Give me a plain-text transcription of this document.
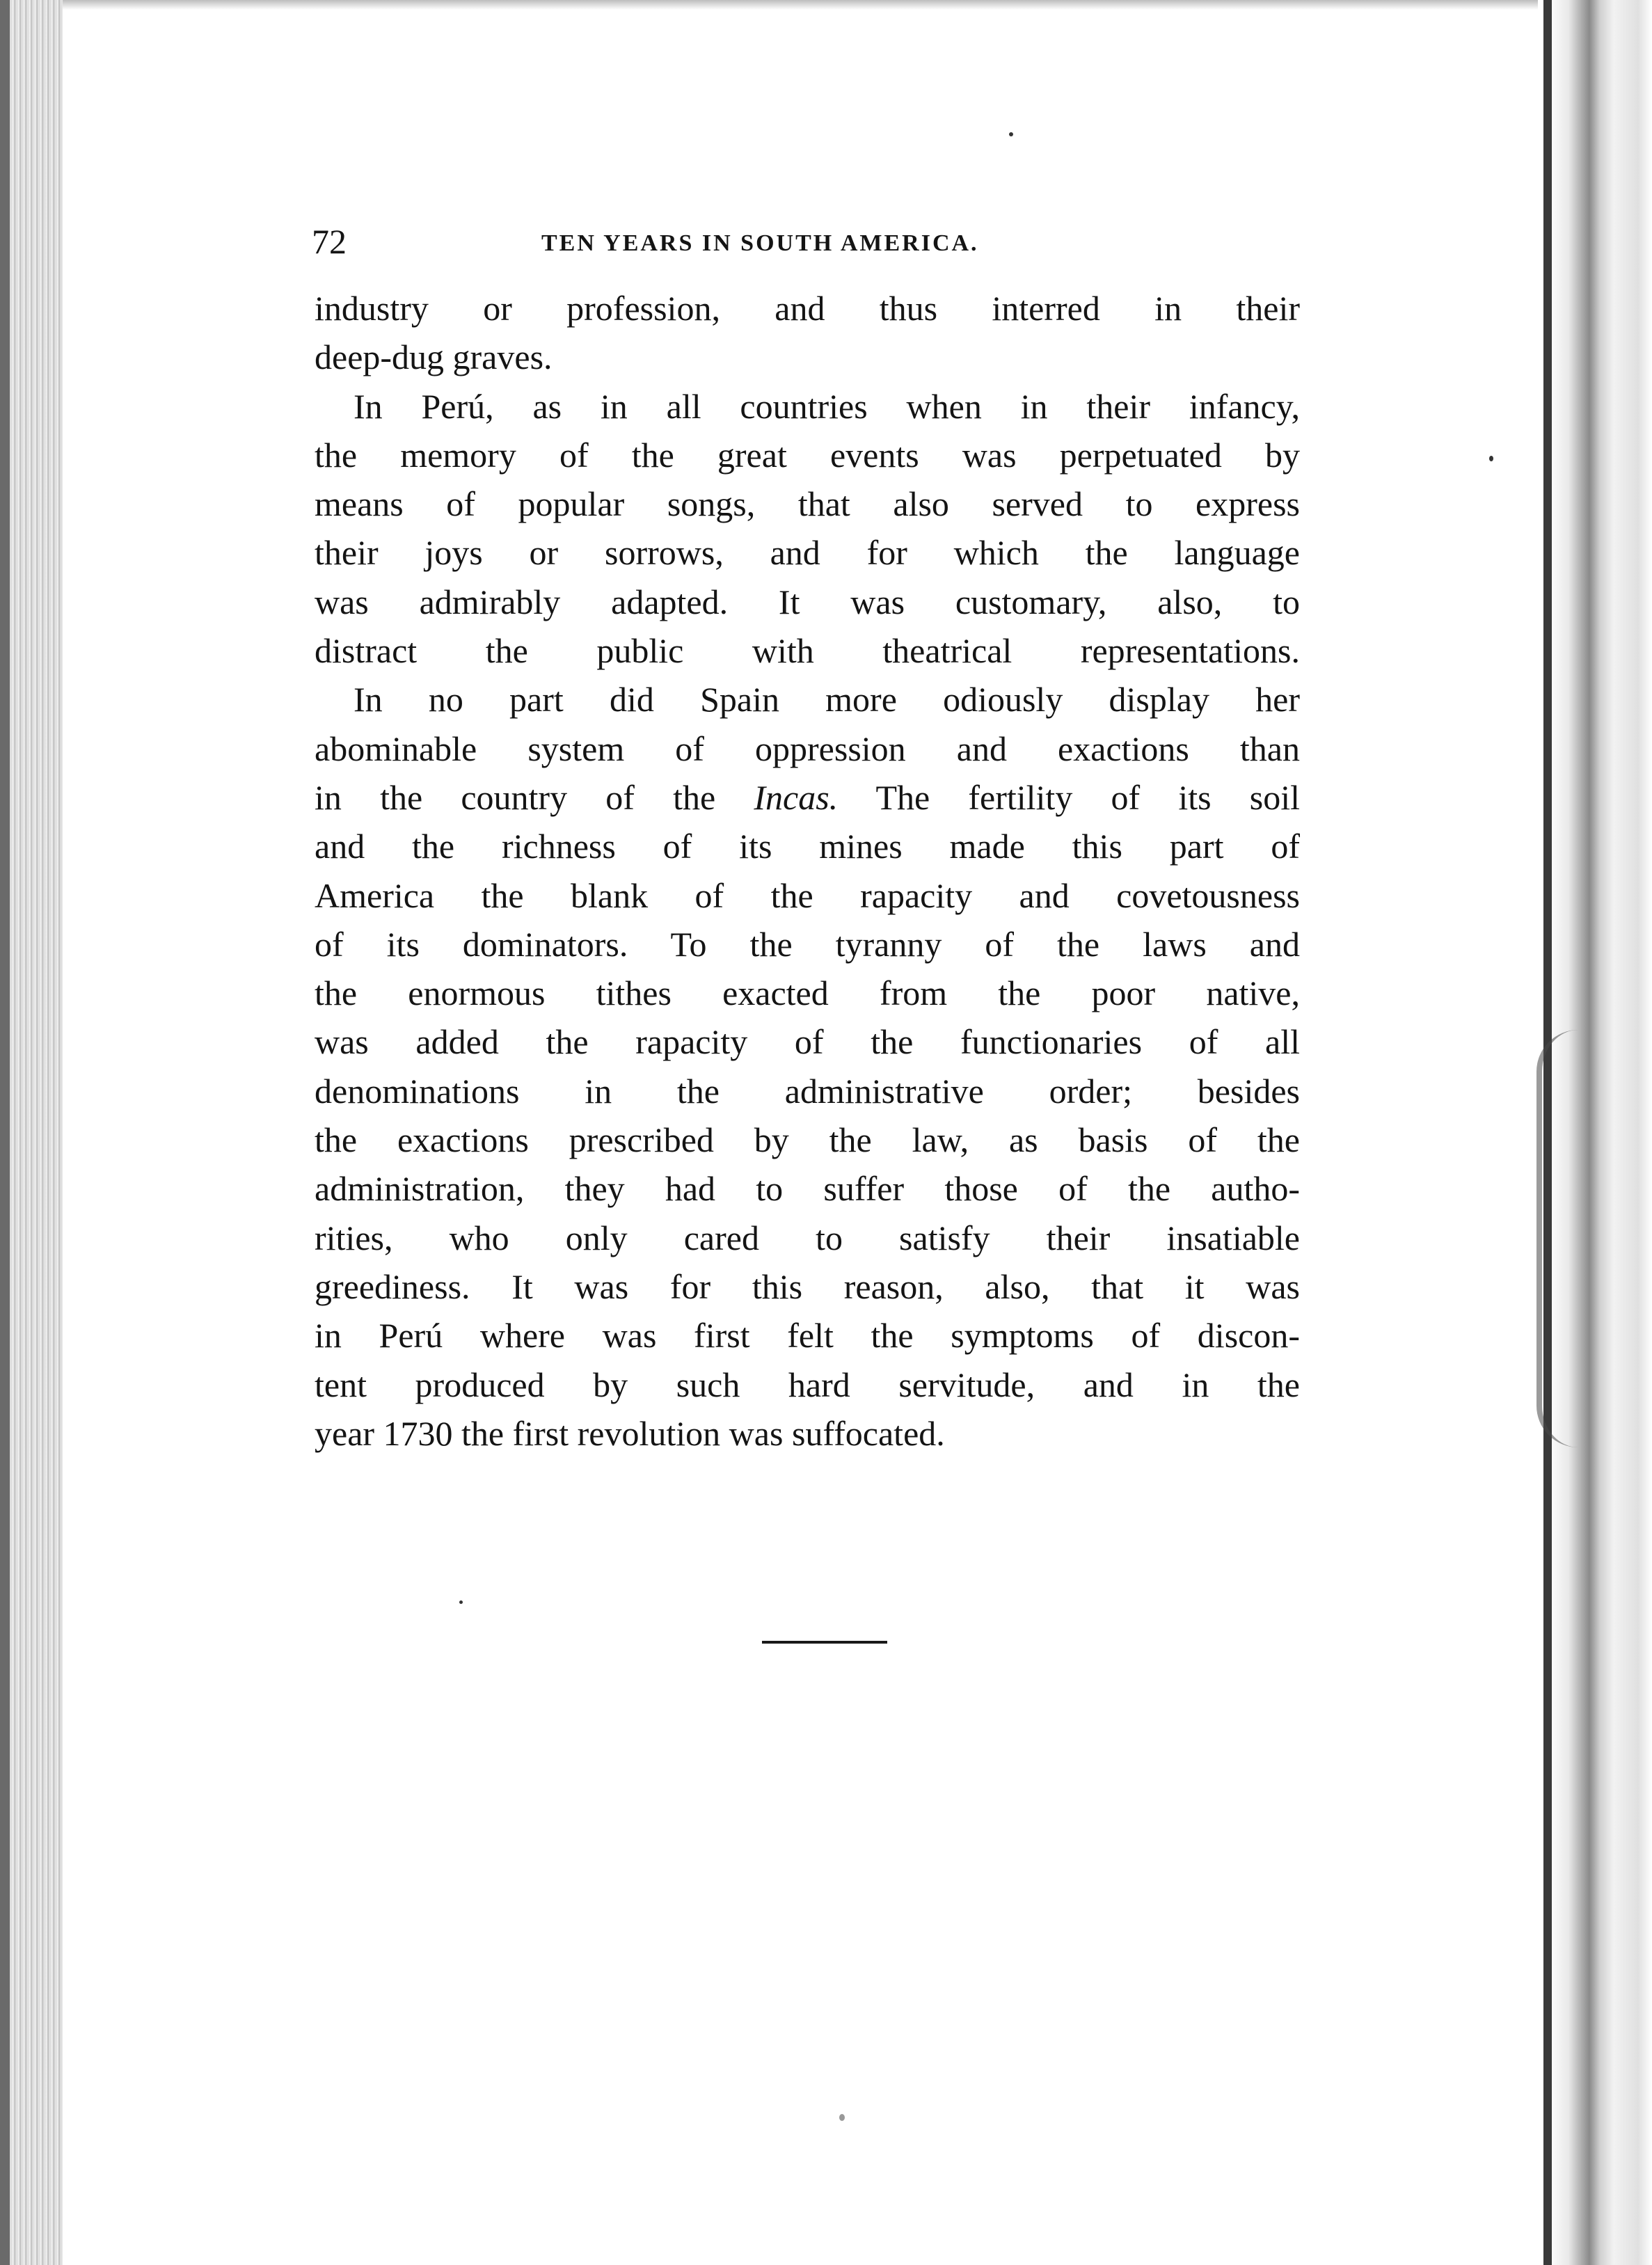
72	TEN YEARS IN SOUTH AMERICA.
industry or profession, and thus interred in their
deep-dug graves.
In Perú, as in all countries when in their infancy,
the memory of the great events was perpetuated by
means of popular songs, that also served to express
their joys or sorrows, and for which the language
was admirably adapted. It was customary, also, to
distract the public with theatrical representations.
In no part did Spain more odiously display her
abominable system of oppression and exactions than
in the country of the Incas. The fertility of its soil
and the richness of its mines made this part of
America the blank of the rapacity and covetousness
of its dominators. To the tyranny of the laws and
the enormous tithes exacted from the poor native,
was added the rapacity of the functionaries of all
denominations in the administrative order; besides
the exactions prescribed by the law, as basis of the
administration, they had to suffer those of the autho-
rities, who only cared to satisfy their insatiable
greediness. It was for this reason, also, that it was
in Perú where was first felt the symptoms of discon-
tent produced by such hard servitude, and in the
year 1730 the first revolution was suffocated.
